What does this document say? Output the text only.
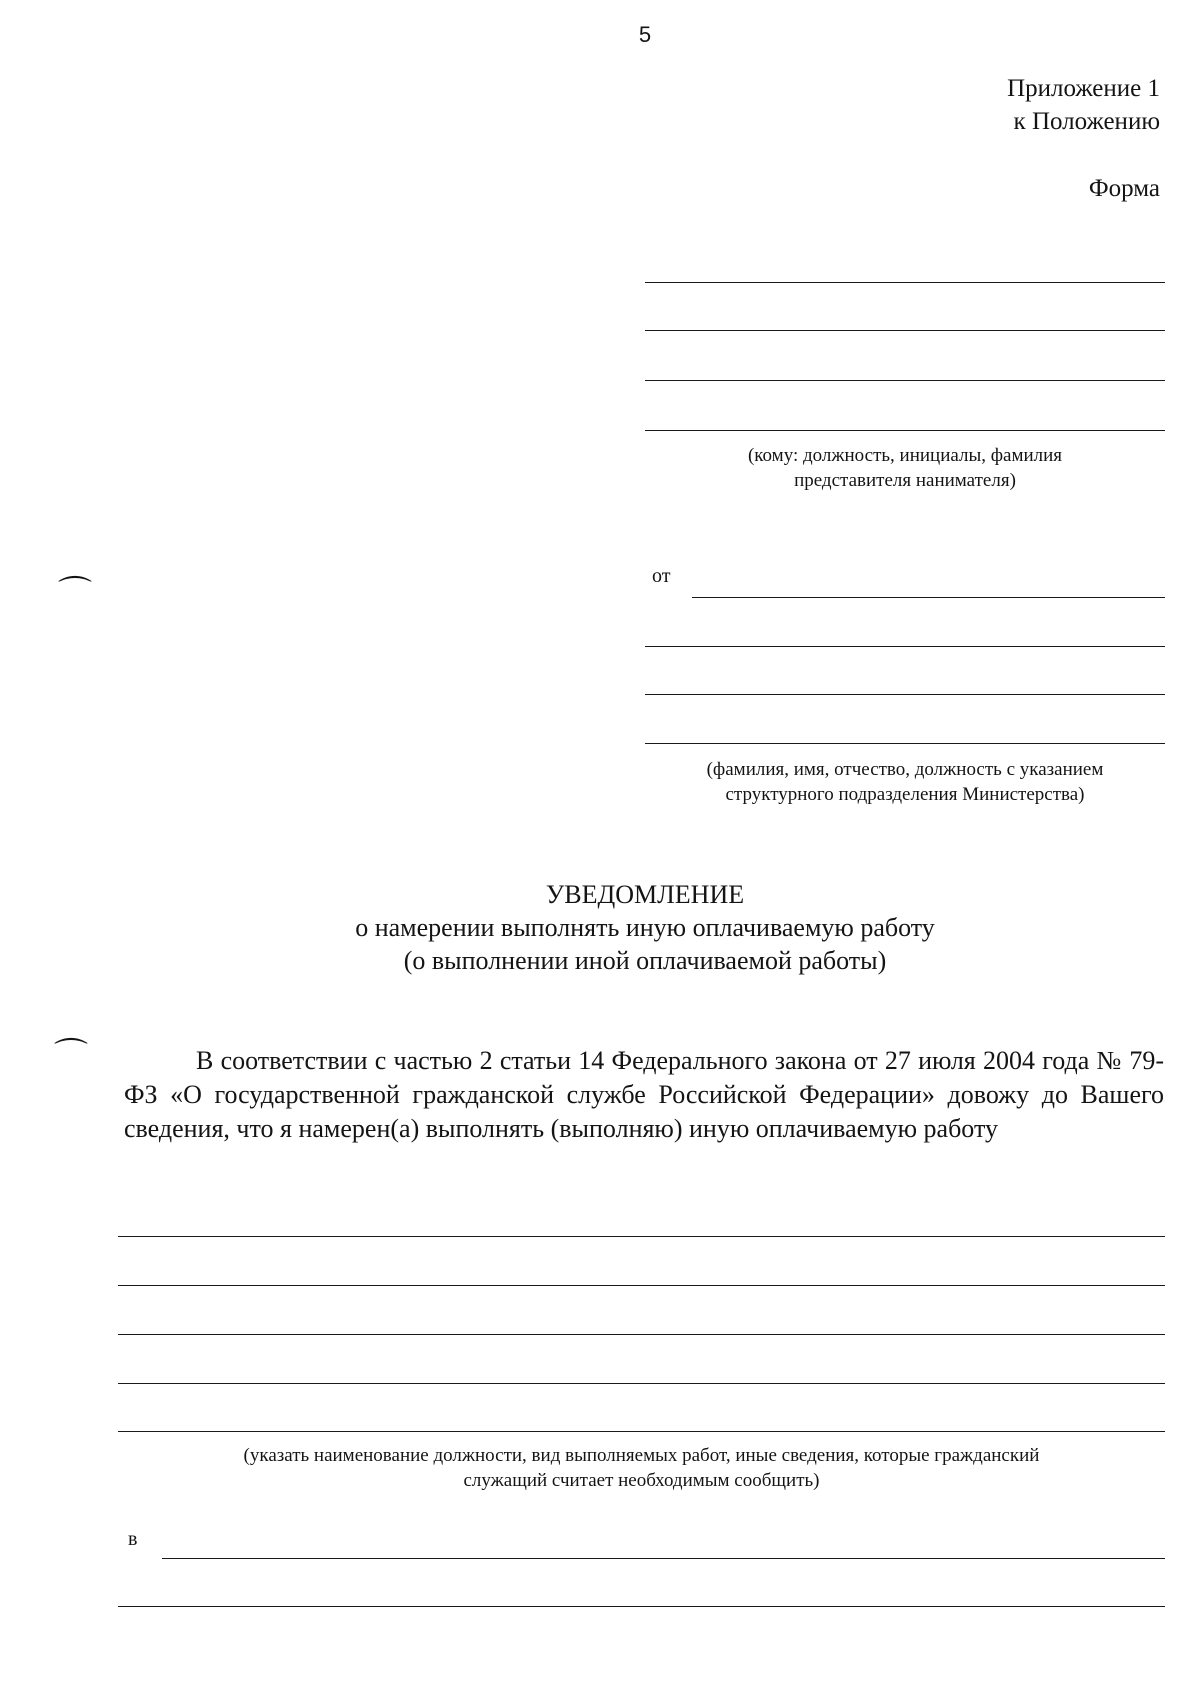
5
Приложение 1
к Положению
Форма
(кому: должность, инициалы, фамилия
представителя нанимателя)
от
(фамилия, имя, отчество, должность с указанием
структурного подразделения Министерства)
⌒
⌒
УВЕДОМЛЕНИЕ
о намерении выполнять иную оплачиваемую работу
(о выполнении иной оплачиваемой работы)
В соответствии с частью 2 статьи 14 Федерального закона от 27 июля 2004 года № 79-ФЗ «О государственной гражданской службе Российской Федерации» довожу до Вашего сведения, что я намерен(а) выполнять (выполняю) иную оплачиваемую работу
(указать наименование должности, вид выполняемых работ, иные сведения, которые гражданский
служащий считает необходимым сообщить)
в
